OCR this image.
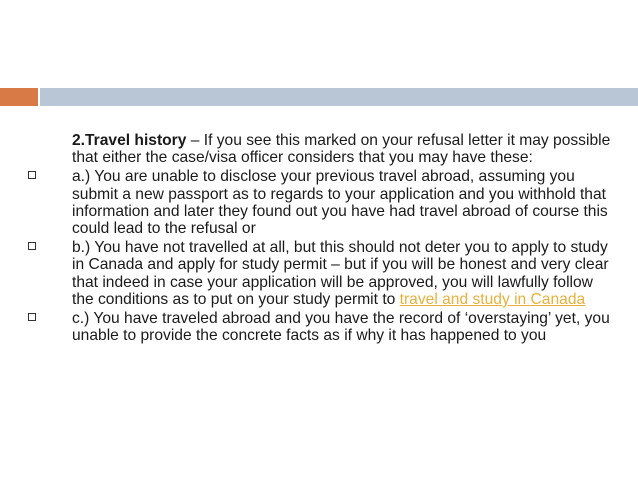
2.Travel history – If you see this marked on your refusal letter it may possible that either the case/visa officer considers that you may have these:

a.) You are unable to disclose your previous travel abroad, assuming you submit a new passport as to regards to your application and you withhold that information and later they found out you have had travel abroad of course this could lead to the refusal or

b.) You have not travelled at all, but this should not deter you to apply to study in Canada and apply for study permit – but if you will be honest and very clear that indeed in case your application will be approved, you will lawfully follow the conditions as to put on your study permit to travel and study in Canada

c.) You have traveled abroad and you have the record of ‘overstaying’ yet, you unable to provide the concrete facts as if why it has happened to you
